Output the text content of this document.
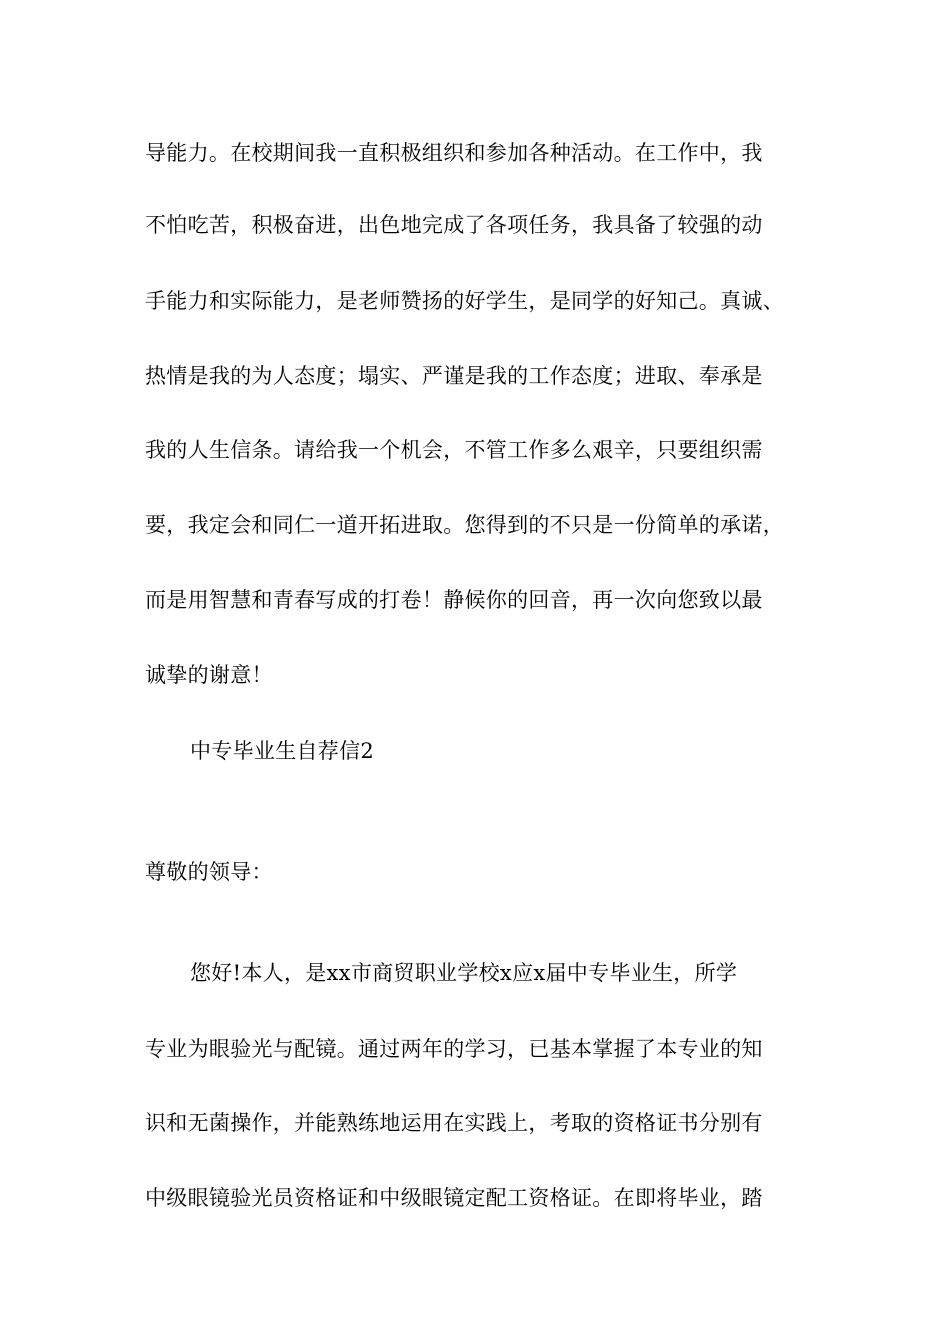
导能力。在校期间我一直积极组织和参加各种活动。在工作中，我
不怕吃苦，积极奋进，出色地完成了各项任务，我具备了较强的动
手能力和实际能力，是老师赞扬的好学生，是同学的好知己。真诚、
热情是我的为人态度；塌实、严谨是我的工作态度；进取、奉承是
我的人生信条。请给我一个机会，不管工作多么艰辛，只要组织需
要，我定会和同仁一道开拓进取。您得到的不只是一份简单的承诺，
而是用智慧和青春写成的打卷！静候你的回音，再一次向您致以最
诚挚的谢意！
中专毕业生自荐信2
尊敬的领导：
您好!本人，是xx市商贸职业学校x应x届中专毕业生，所学
专业为眼验光与配镜。通过两年的学习，已基本掌握了本专业的知
识和无菌操作，并能熟练地运用在实践上，考取的资格证书分别有
中级眼镜验光员资格证和中级眼镜定配工资格证。在即将毕业，踏
